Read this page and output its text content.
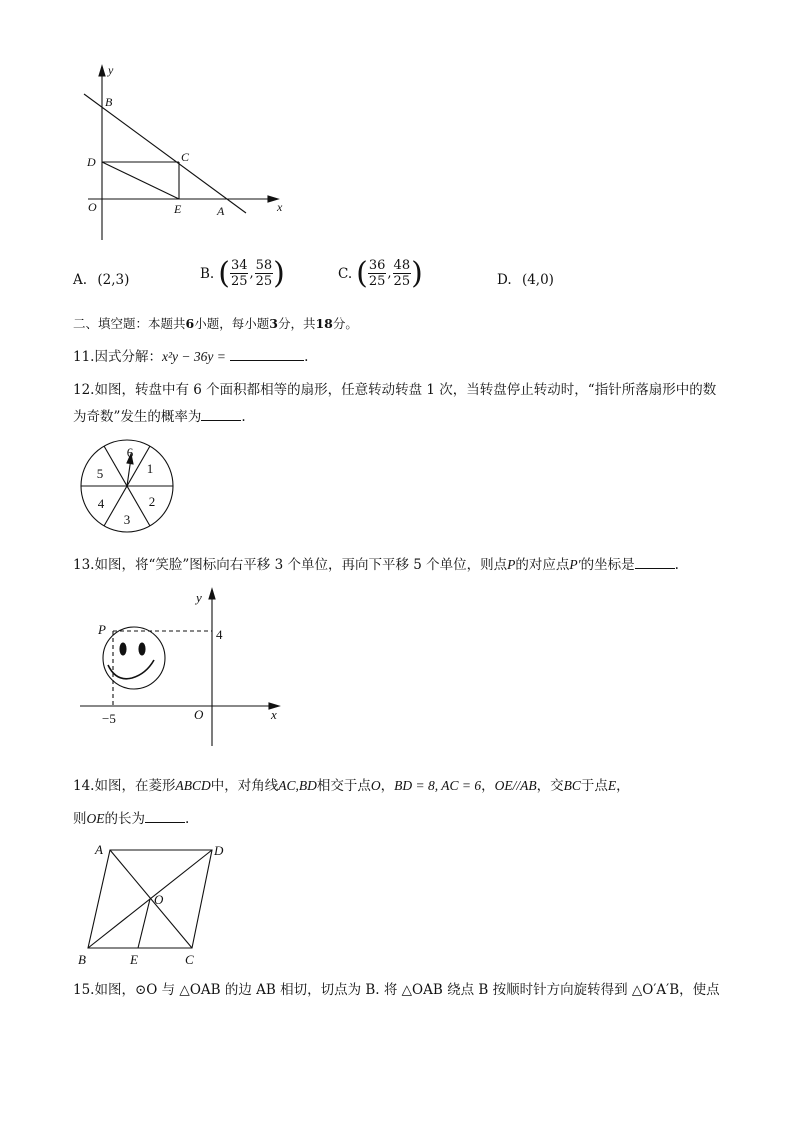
y
x
B
C
D
O	E	A
A. (2,3)	B. ( $\frac{34}{25}$ , $\frac{58}{25}$ )	C. ( $\frac{36}{25}$ , $\frac{48}{25}$ )	D. (4,0)
二、填空题：本题共6小题，每小题3分，共18分。
11.因式分解：x²y − 36y =	.
12.如图，转盘中有 6 个面积都相等的扇形，任意转动转盘 1 次，当转盘停止转动时，“指针所落扇形中的数
为奇数”发生的概率为	.
1
2
3
4
5
6
13.如图，将“笑脸”图标向右平移 3 个单位，再向下平移 5 个单位，则点P的对应点P′的坐标是	.
y
x
P	4
−5	O
14.如图，在菱形ABCD中，对角线AC,BD相交于点O，BD = 8, AC = 6，OE//AB，交BC于点E，
则OE的长为	.
A	D
O
B	E	C
15.如图，⊙O 与 △OAB 的边 AB 相切，切点为 B. 将 △OAB 绕点 B 按顺时针方向旋转得到 △O′A′B，使点
